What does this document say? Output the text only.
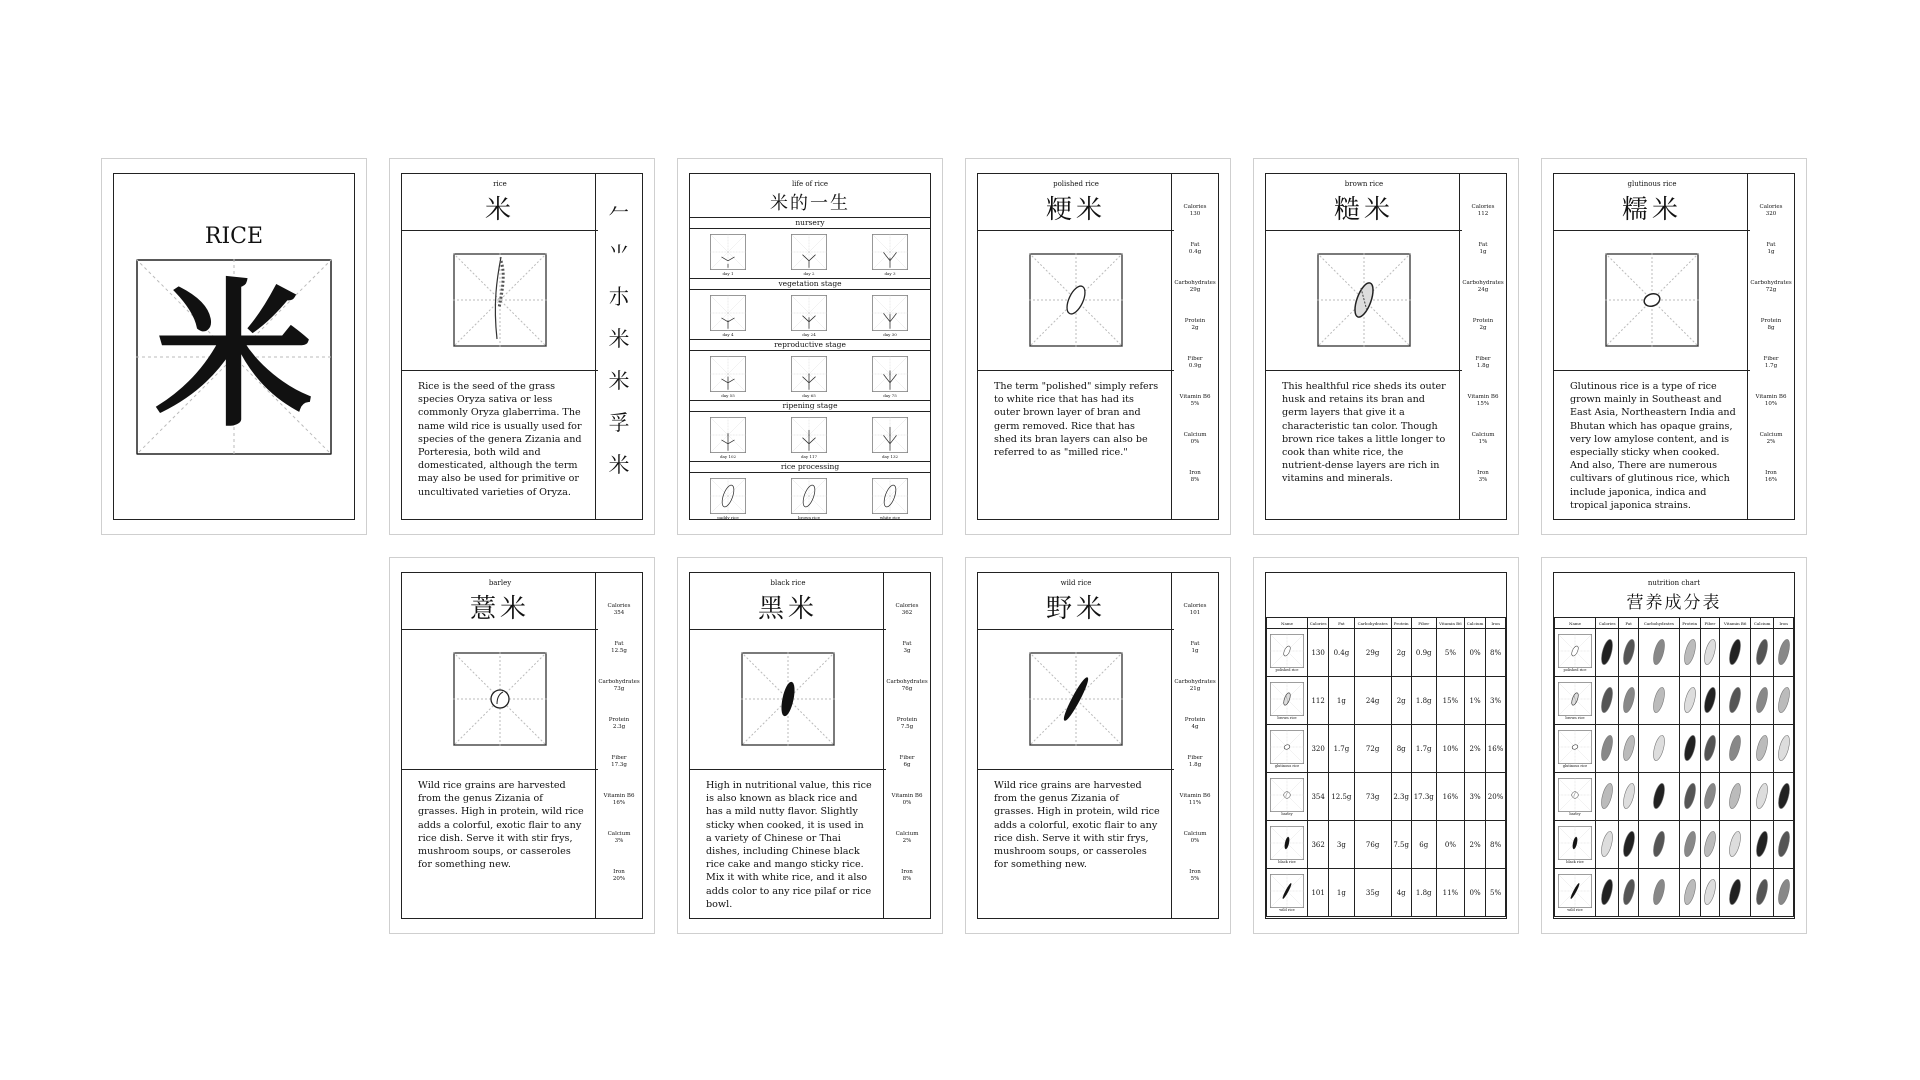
RICE
米
rice
米
Rice is the seed of the grass species Oryza sativa or less commonly Oryza glaberrima. The name wild rice is usually used for species of the genera Zizania and Porteresia, both wild and domesticated, although the term may also be used for primitive or uncultivated varieties of Oryza.
𠂉
⺌
朩
米
米
孚
米
life of rice
米的一生
nursery
day 1	day 2	day 3
vegetation stage
day 4	day 24	day 30
reproductive stage
day 55	day 65	day 75
ripening stage
day 102	day 117	day 132
rice processing
paddy rice	brown rice	white rice
polished rice
粳米
The term "polished" simply refers to white rice that has had its outer brown layer of bran and germ removed. Rice that has shed its bran layers can also be referred to as "milled rice."
Calories
130
Fat
0.4g
Carbohydrates
29g
Protein
2g
Fiber
0.9g
Vitamin B6
5%
Calcium
0%
Iron
8%
brown rice
糙米
This healthful rice sheds its outer husk and retains its bran and germ layers that give it a characteristic tan color. Though brown rice takes a little longer to cook than white rice, the nutrient-dense layers are rich in vitamins and minerals.
Calories
112
Fat
1g
Carbohydrates
24g
Protein
2g
Fiber
1.8g
Vitamin B6
15%
Calcium
1%
Iron
3%
glutinous rice
糯米
Glutinous rice is a type of rice grown mainly in Southeast and East Asia, Northeastern India and Bhutan which has opaque grains, very low amylose content, and is especially sticky when cooked. And also, There are numerous cultivars of glutinous rice, which include japonica, indica and tropical japonica strains.
Calories
320
Fat
1g
Carbohydrates
72g
Protein
8g
Fiber
1.7g
Vitamin B6
10%
Calcium
2%
Iron
16%
barley
薏米
Wild rice grains are harvested from the genus Zizania of grasses. High in protein, wild rice adds a colorful, exotic flair to any rice dish. Serve it with stir frys, mushroom soups, or casseroles for something new.
Calories
354
Fat
12.5g
Carbohydrates
73g
Protein
2.3g
Fiber
17.3g
Vitamin B6
16%
Calcium
3%
Iron
20%
black rice
黑米
High in nutritional value, this rice is also known as black rice and has a mild nutty flavor. Slightly sticky when cooked, it is used in a variety of Chinese or Thai dishes, including Chinese black rice cake and mango sticky rice. Mix it with white rice, and it also adds color to any rice pilaf or rice bowl.
Calories
362
Fat
3g
Carbohydrates
76g
Protein
7.5g
Fiber
6g
Vitamin B6
0%
Calcium
2%
Iron
8%
wild rice
野米
Wild rice grains are harvested from the genus Zizania of grasses. High in protein, wild rice adds a colorful, exotic flair to any rice dish. Serve it with stir frys, mushroom soups, or casseroles for something new.
Calories
101
Fat
1g
Carbohydrates
21g
Protein
4g
Fiber
1.8g
Vitamin B6
11%
Calcium
0%
Iron
5%
Name	Calories	Fat	Carbohydrates	Protein	Fiber	Vitamin B6	Calcium	Iron

polished rice	130	0.4g	29g	2g	0.9g	5%	0%	8%

brown rice	112	1g	24g	2g	1.8g	15%	1%	3%

glutinous rice	320	1.7g	72g	8g	1.7g	10%	2%	16%

barley	354	12.5g	73g	2.3g	17.3g	16%	3%	20%

black rice	362	3g	76g	7.5g	6g	0%	2%	8%

wild rice	101	1g	35g	4g	1.8g	11%	0%	5%
nutrition chart
营养成分表
Name	Calories	Fat	Carbohydrates	Protein	Fiber	Vitamin B6	Calcium	Iron

polished rice

brown rice

glutinous rice

barley

black rice

wild rice
